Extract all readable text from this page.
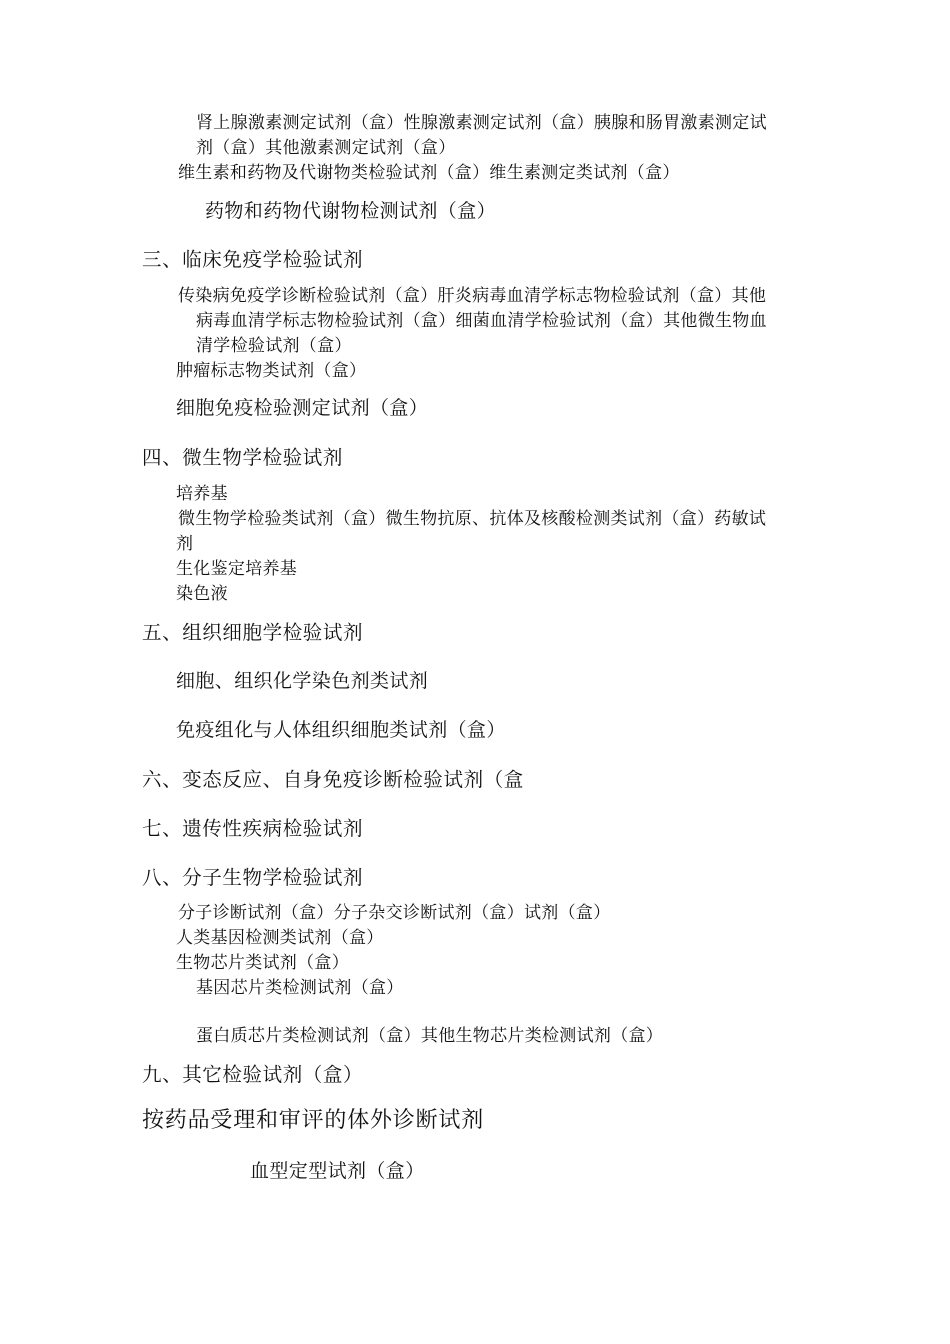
肾上腺激素测定试剂（盒）性腺激素测定试剂（盒）胰腺和肠胃激素测定试
剂（盒）其他激素测定试剂（盒）
维生素和药物及代谢物类检验试剂（盒）维生素测定类试剂（盒）
药物和药物代谢物检测试剂（盒）
三、临床免疫学检验试剂
传染病免疫学诊断检验试剂（盒）肝炎病毒血清学标志物检验试剂（盒）其他
病毒血清学标志物检验试剂（盒）细菌血清学检验试剂（盒）其他微生物血
清学检验试剂（盒）
肿瘤标志物类试剂（盒）
细胞免疫检验测定试剂（盒）
四、微生物学检验试剂
培养基
微生物学检验类试剂（盒）微生物抗原、抗体及核酸检测类试剂（盒）药敏试
剂
生化鉴定培养基
染色液
五、组织细胞学检验试剂
细胞、组织化学染色剂类试剂
免疫组化与人体组织细胞类试剂（盒）
六、变态反应、自身免疫诊断检验试剂（盒
七、遗传性疾病检验试剂
八、分子生物学检验试剂
分子诊断试剂（盒）分子杂交诊断试剂（盒）试剂（盒）
人类基因检测类试剂（盒）
生物芯片类试剂（盒）
基因芯片类检测试剂（盒）
蛋白质芯片类检测试剂（盒）其他生物芯片类检测试剂（盒）
九、其它检验试剂（盒）
按药品受理和审评的体外诊断试剂
血型定型试剂（盒）
